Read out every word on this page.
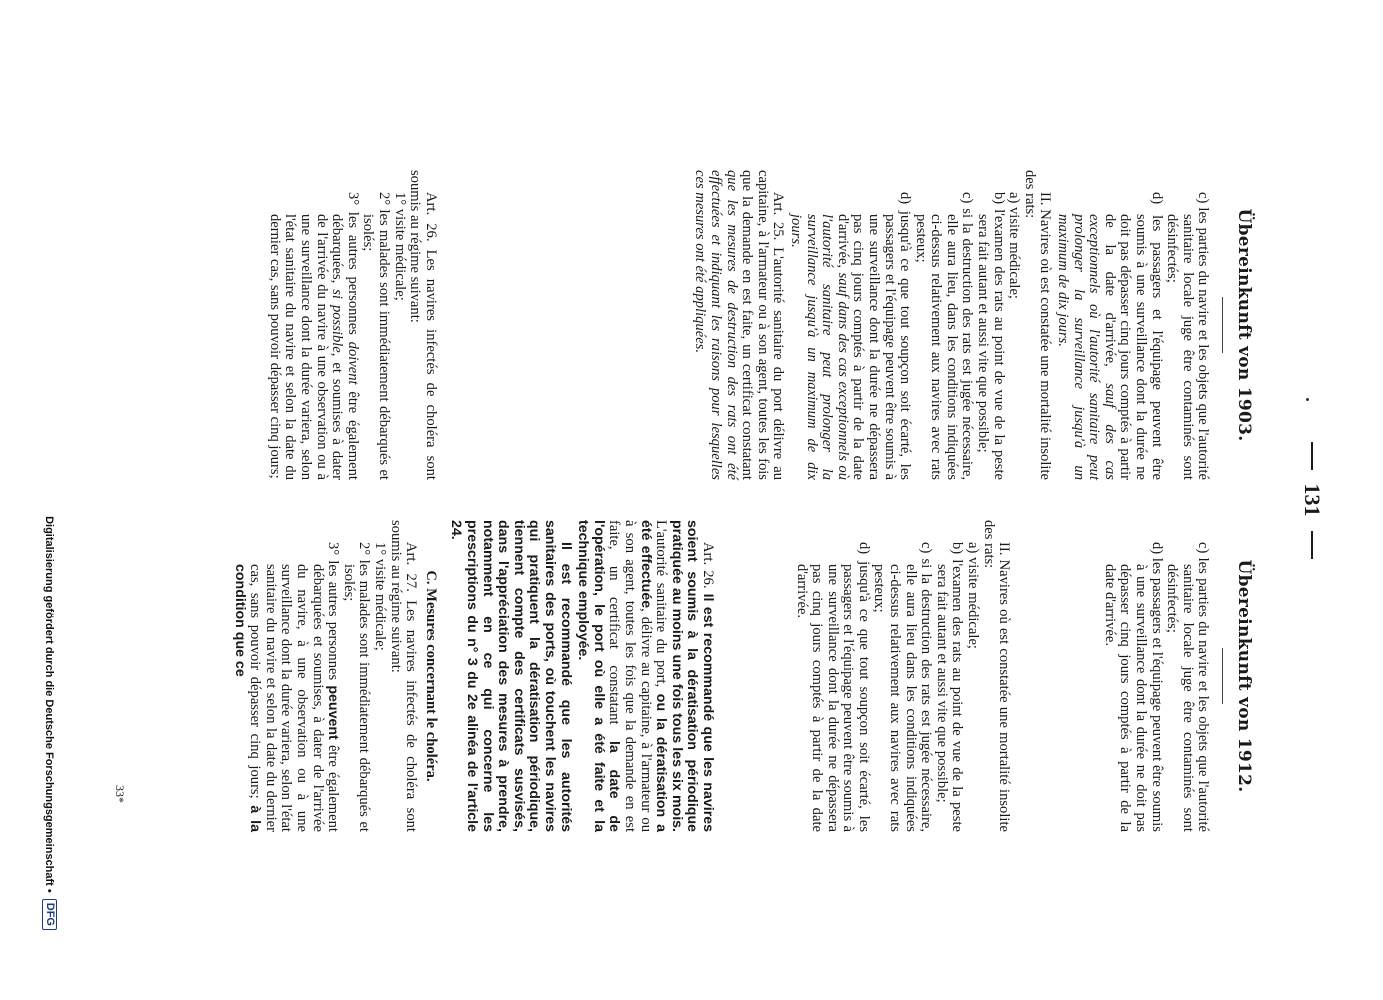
131
Übereinkunft von 1903.

c) les parties du navire et les objets que l'autorité sanitaire locale juge être contaminés sont désinfectés;

d) les passagers et l'équipage peuvent être soumis à une surveillance dont la durée ne doit pas dépasser cinq jours comptés à partir de la date d'arrivée, sauf des cas exceptionnels où l'autorité sanitaire peut prolonger la surveillance jusqu'à un maximum de dix jours.

II. Navires où est constatée une mortalité insolite des rats:

a) visite médicale;

b) l'examen des rats au point de vue de la peste sera fait autant et aussi vite que possible;

c) si la destruction des rats est jugée nécessaire, elle aura lieu, dans les conditions indiquées ci-dessus relativement aux navires avec rats pesteux;

d) jusqu'à ce que tout soupçon soit écarté, les passagers et l'équipage peuvent être soumis à une surveillance dont la durée ne dépassera pas cinq jours comptés à partir de la date d'arrivée, sauf dans des cas exceptionnels où l'autorité sanitaire peut prolonger la surveillance jusqu'à un maximum de dix jours.

Art. 25. L'autorité sanitaire du port délivre au capitaine, à l'armateur ou à son agent, toutes les fois que la demande en est faite, un certificat constatant que les mesures de destruction des rats ont été effectuées et indiquant les raisons pour lesquelles ces mesures ont été appliquées.

Art. 26. Les navires infectés de choléra sont soumis au régime suivant:

1° visite médicale;

2° les malades sont immédiatement débarqués et isolés;

3° les autres personnes doivent être également débarquées, si possible, et soumises à dater de l'arrivée du navire à une observation ou à une surveillance dont la durée variera, selon l'état sanitaire du navire et selon la date du dernier cas, sans pouvoir dépasser cinq jours;

Übereinkunft von 1912.

c) les parties du navire et les objets que l'autorité sanitaire locale juge être contaminés sont désinfectés;

d) les passagers et l'équipage peuvent être soumis à une surveillance dont la durée ne doit pas dépasser cinq jours comptés à partir de la date d'arrivée.

II. Navires où est constatée une mortalité insolite des rats:

a) visite médicale;

b) l'examen des rats au point de vue de la peste sera fait autant et aussi vite que possible;

c) si la destruction des rats est jugée nécessaire, elle aura lieu dans les conditions indiquées ci-dessus relativement aux navires avec rats pesteux;

d) jusqu'à ce que tout soupçon soit écarté, les passagers et l'équipage peuvent être soumis à une surveillance dont la durée ne dépassera pas cinq jours comptés à partir de la date d'arrivée.

Art. 26. Il est recommandé que les navires soient soumis à la dératisation périodique pratiquée au moins une fois tous les six mois. L'autorité sanitaire du port, ou la dératisation a été effectuée, délivre au capitaine, à l'armateur ou à son agent, toutes les fois que la demande en est faite, un certificat constatant la date de l'opération, le port où elle a été faite et la technique employée.

Il est recommandé que les autorités sanitaires des ports, où touchent les navires qui pratiquent la dératisation périodique, tiennent compte des certificats susvisés, dans l'appréciation des mesures à prendre, notamment en ce qui concerne les prescriptions du n° 3 du 2e alinéa de l'article 24.

C. Mesures concernant le choléra.

Art. 27. Les navires infectés de choléra sont soumis au régime suivant:

1° visite médicale;

2° les malades sont immédiatement débarqués et isolés;

3° les autres personnes peuvent être également débarquées et soumises, à dater de l'arrivée du navire, à une observation ou à une surveillance dont la durée variera, selon l'état sanitaire du navire et selon la date du dernier cas, sans pouvoir dépasser cinq jours; à la condition que ce

33*
Digitalisierung gefördert durch die Deutsche Forschungsgemeinschaft •
DFG
